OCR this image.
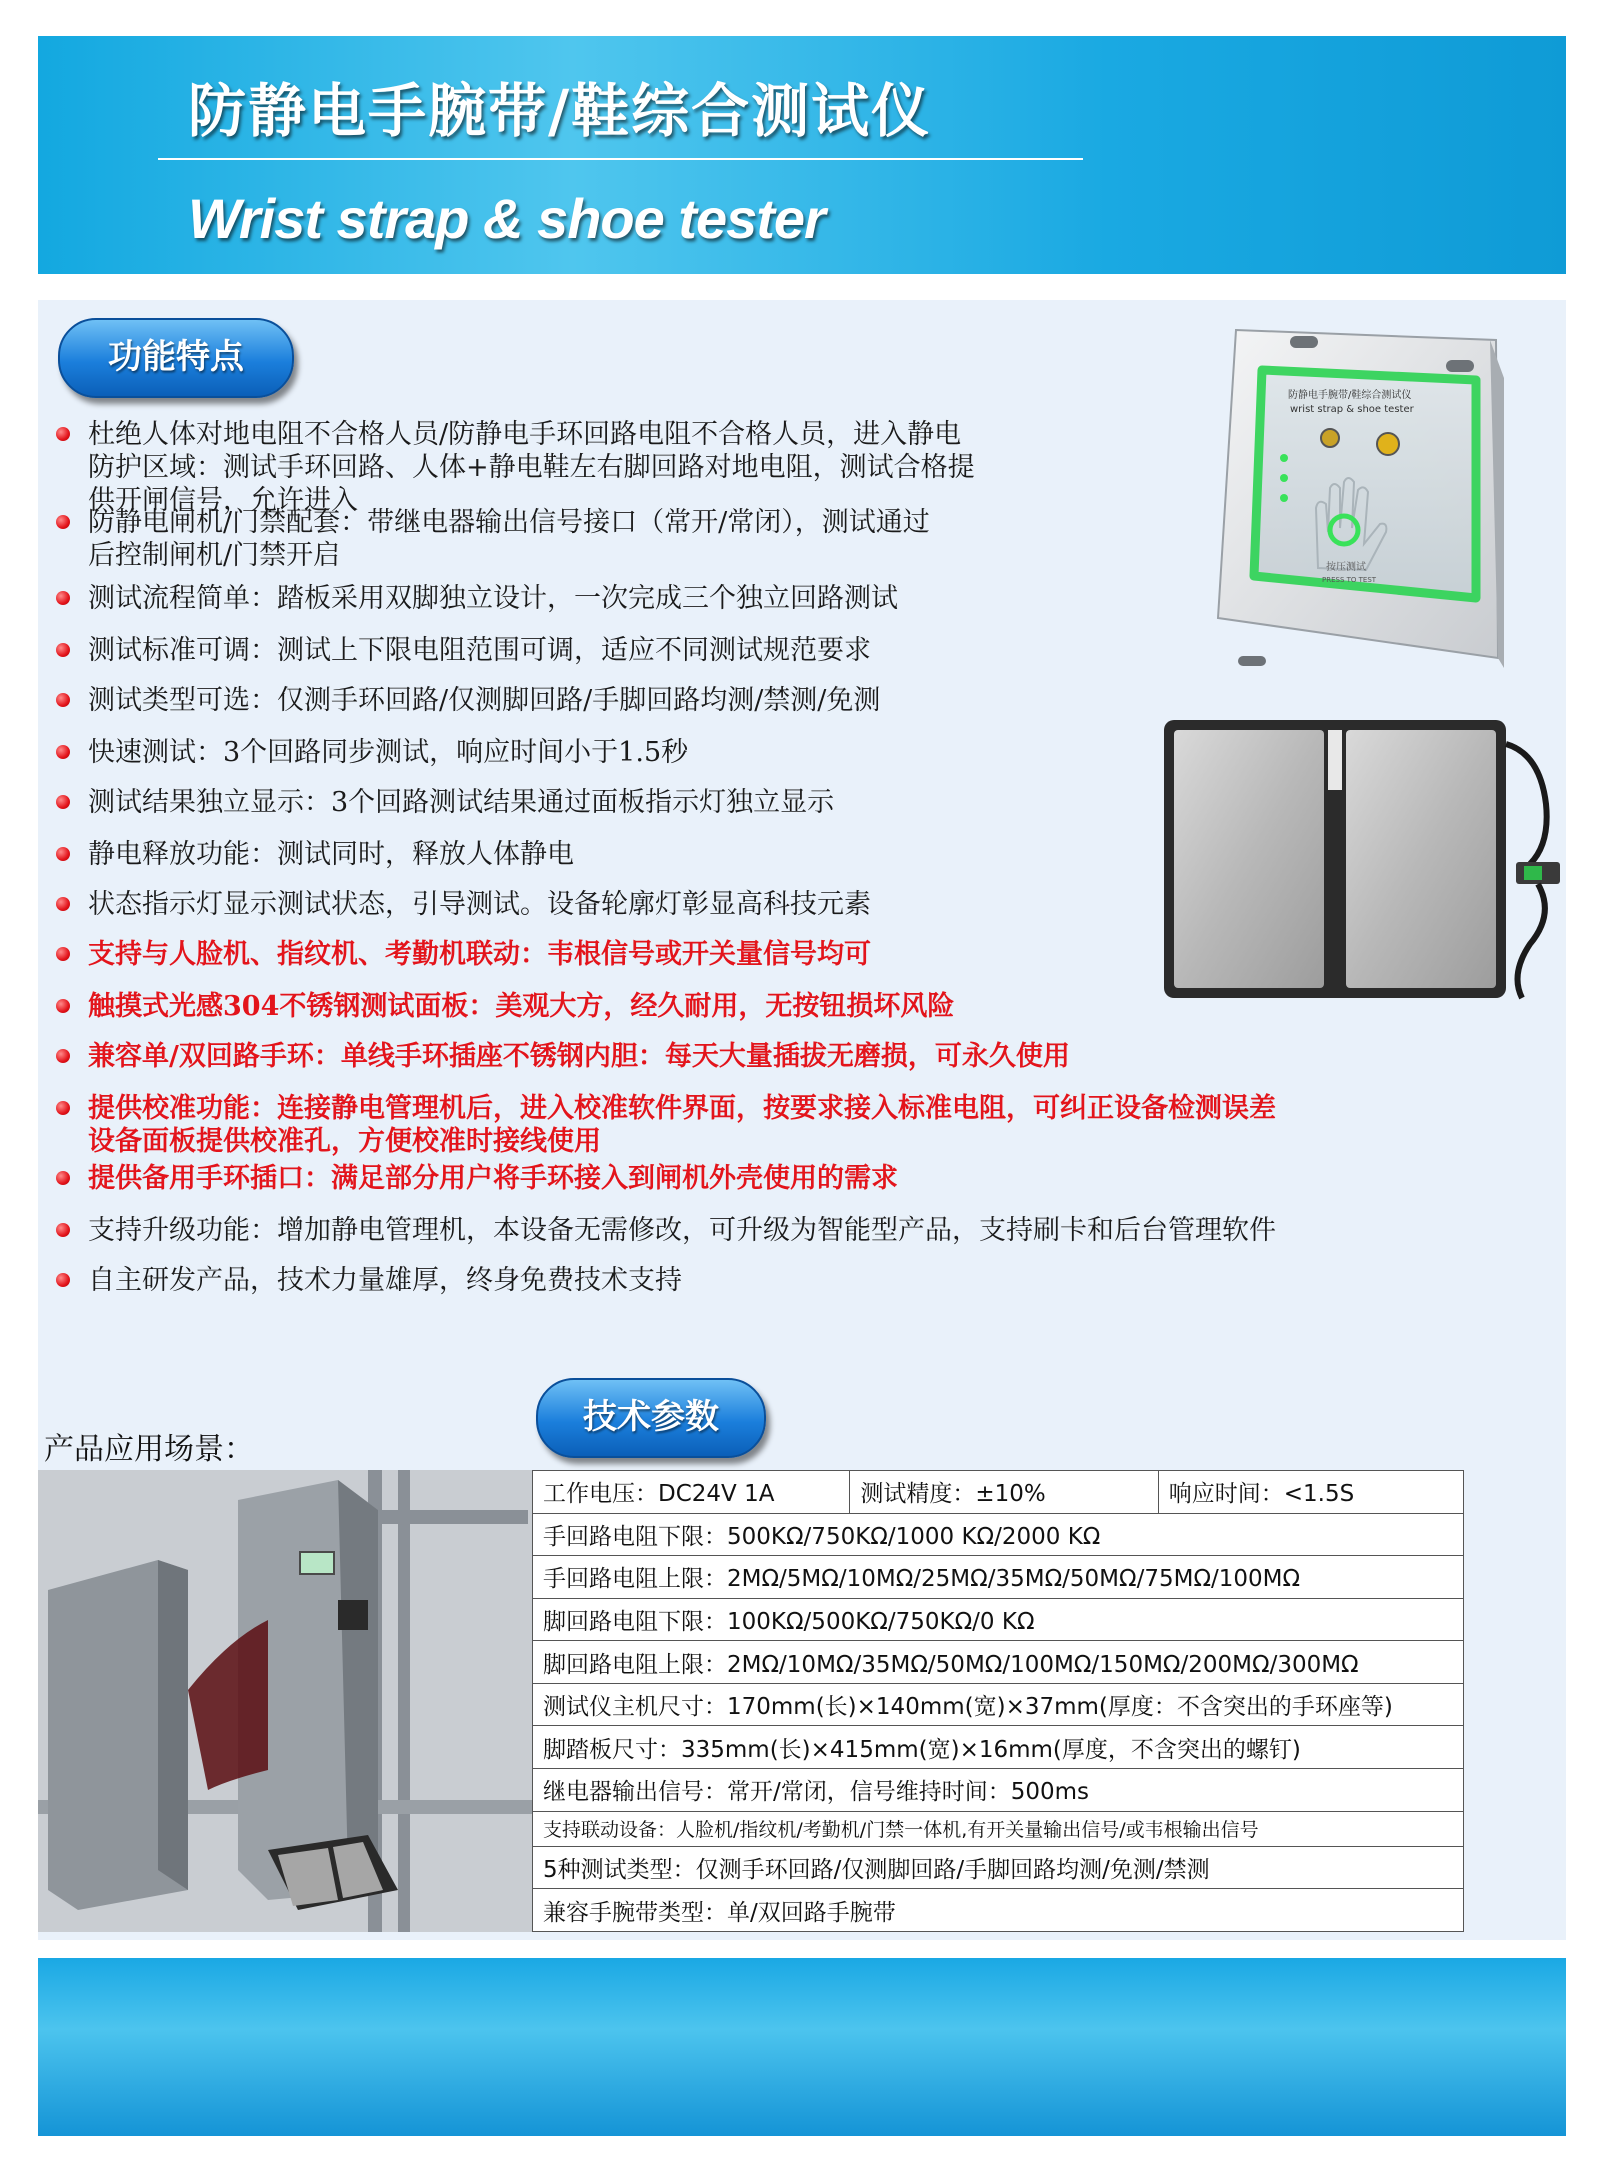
防静电手腕带/鞋综合测试仪
Wrist strap & shoe tester
功能特点
杜绝人体对地电阻不合格人员/防静电手环回路电阻不合格人员，进入静电
防护区域：测试手环回路、人体+静电鞋左右脚回路对地电阻，测试合格提
供开闸信号，允许进入
防静电闸机/门禁配套：带继电器输出信号接口（常开/常闭），测试通过
后控制闸机/门禁开启
测试流程简单：踏板采用双脚独立设计，一次完成三个独立回路测试
测试标准可调：测试上下限电阻范围可调，适应不同测试规范要求
测试类型可选：仅测手环回路/仅测脚回路/手脚回路均测/禁测/免测
快速测试：3个回路同步测试，响应时间小于1.5秒
测试结果独立显示：3个回路测试结果通过面板指示灯独立显示
静电释放功能：测试同时，释放人体静电
状态指示灯显示测试状态，引导测试。设备轮廓灯彰显高科技元素
支持与人脸机、指纹机、考勤机联动：韦根信号或开关量信号均可
触摸式光感304不锈钢测试面板：美观大方，经久耐用，无按钮损坏风险
兼容单/双回路手环：单线手环插座不锈钢内胆：每天大量插拔无磨损，可永久使用
提供校准功能：连接静电管理机后，进入校准软件界面，按要求接入标准电阻，可纠正设备检测误差
设备面板提供校准孔，方便校准时接线使用
提供备用手环插口：满足部分用户将手环接入到闸机外壳使用的需求
支持升级功能：增加静电管理机，本设备无需修改，可升级为智能型产品，支持刷卡和后台管理软件
自主研发产品，技术力量雄厚，终身免费技术支持
防静电手腕带/鞋综合测试仪
wrist strap & shoe tester
按压测试
PRESS TO TEST
技术参数
产品应用场景：
工作电压：DC24V 1A	测试精度：±10%	响应时间：<1.5S
手回路电阻下限：500KΩ/750KΩ/1000 KΩ/2000 KΩ
手回路电阻上限：2MΩ/5MΩ/10MΩ/25MΩ/35MΩ/50MΩ/75MΩ/100MΩ
脚回路电阻下限：100KΩ/500KΩ/750KΩ/0 KΩ
脚回路电阻上限：2MΩ/10MΩ/35MΩ/50MΩ/100MΩ/150MΩ/200MΩ/300MΩ
测试仪主机尺寸：170mm(长)×140mm(宽)×37mm(厚度：不含突出的手环座等)
脚踏板尺寸：335mm(长)×415mm(宽)×16mm(厚度，不含突出的螺钉)
继电器输出信号：常开/常闭，信号维持时间：500ms
支持联动设备：人脸机/指纹机/考勤机/门禁一体机,有开关量输出信号/或韦根输出信号
5种测试类型：仅测手环回路/仅测脚回路/手脚回路均测/免测/禁测
兼容手腕带类型：单/双回路手腕带
